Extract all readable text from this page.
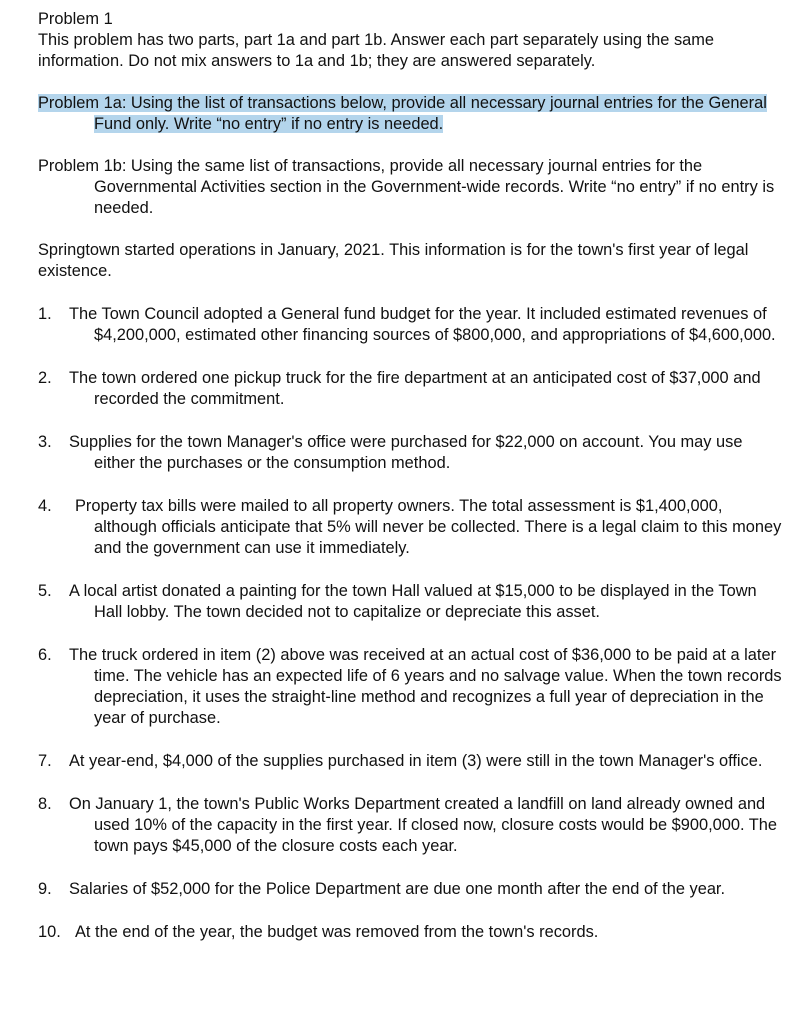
Problem 1

This problem has two parts, part 1a and part 1b. Answer each part separately using the same information. Do not mix answers to 1a and 1b; they are answered separately.

Problem 1a: Using the list of transactions below, provide all necessary journal entries for the General Fund only. Write “no entry” if no entry is needed.

Problem 1b: Using the same list of transactions, provide all necessary journal entries for the Governmental Activities section in the Government-wide records. Write “no entry” if no entry is needed.

Springtown started operations in January, 2021. This information is for the town's first year of legal existence.

1. The Town Council adopted a General fund budget for the year. It included estimated revenues of $4,200,000, estimated other financing sources of $800,000, and appropriations of $4,600,000.
2. The town ordered one pickup truck for the fire department at an anticipated cost of $37,000 and recorded the commitment.
3. Supplies for the town Manager's office were purchased for $22,000 on account. You may use either the purchases or the consumption method.
4. Property tax bills were mailed to all property owners. The total assessment is $1,400,000, although officials anticipate that 5% will never be collected. There is a legal claim to this money and the government can use it immediately.
5. A local artist donated a painting for the town Hall valued at $15,000 to be displayed in the Town Hall lobby. The town decided not to capitalize or depreciate this asset.
6. The truck ordered in item (2) above was received at an actual cost of $36,000 to be paid at a later time. The vehicle has an expected life of 6 years and no salvage value. When the town records depreciation, it uses the straight-line method and recognizes a full year of depreciation in the year of purchase.
7. At year-end, $4,000 of the supplies purchased in item (3) were still in the town Manager's office.
8. On January 1, the town's Public Works Department created a landfill on land already owned and used 10% of the capacity in the first year. If closed now, closure costs would be $900,000. The town pays $45,000 of the closure costs each year.
9. Salaries of $52,000 for the Police Department are due one month after the end of the year.
10. At the end of the year, the budget was removed from the town's records.
